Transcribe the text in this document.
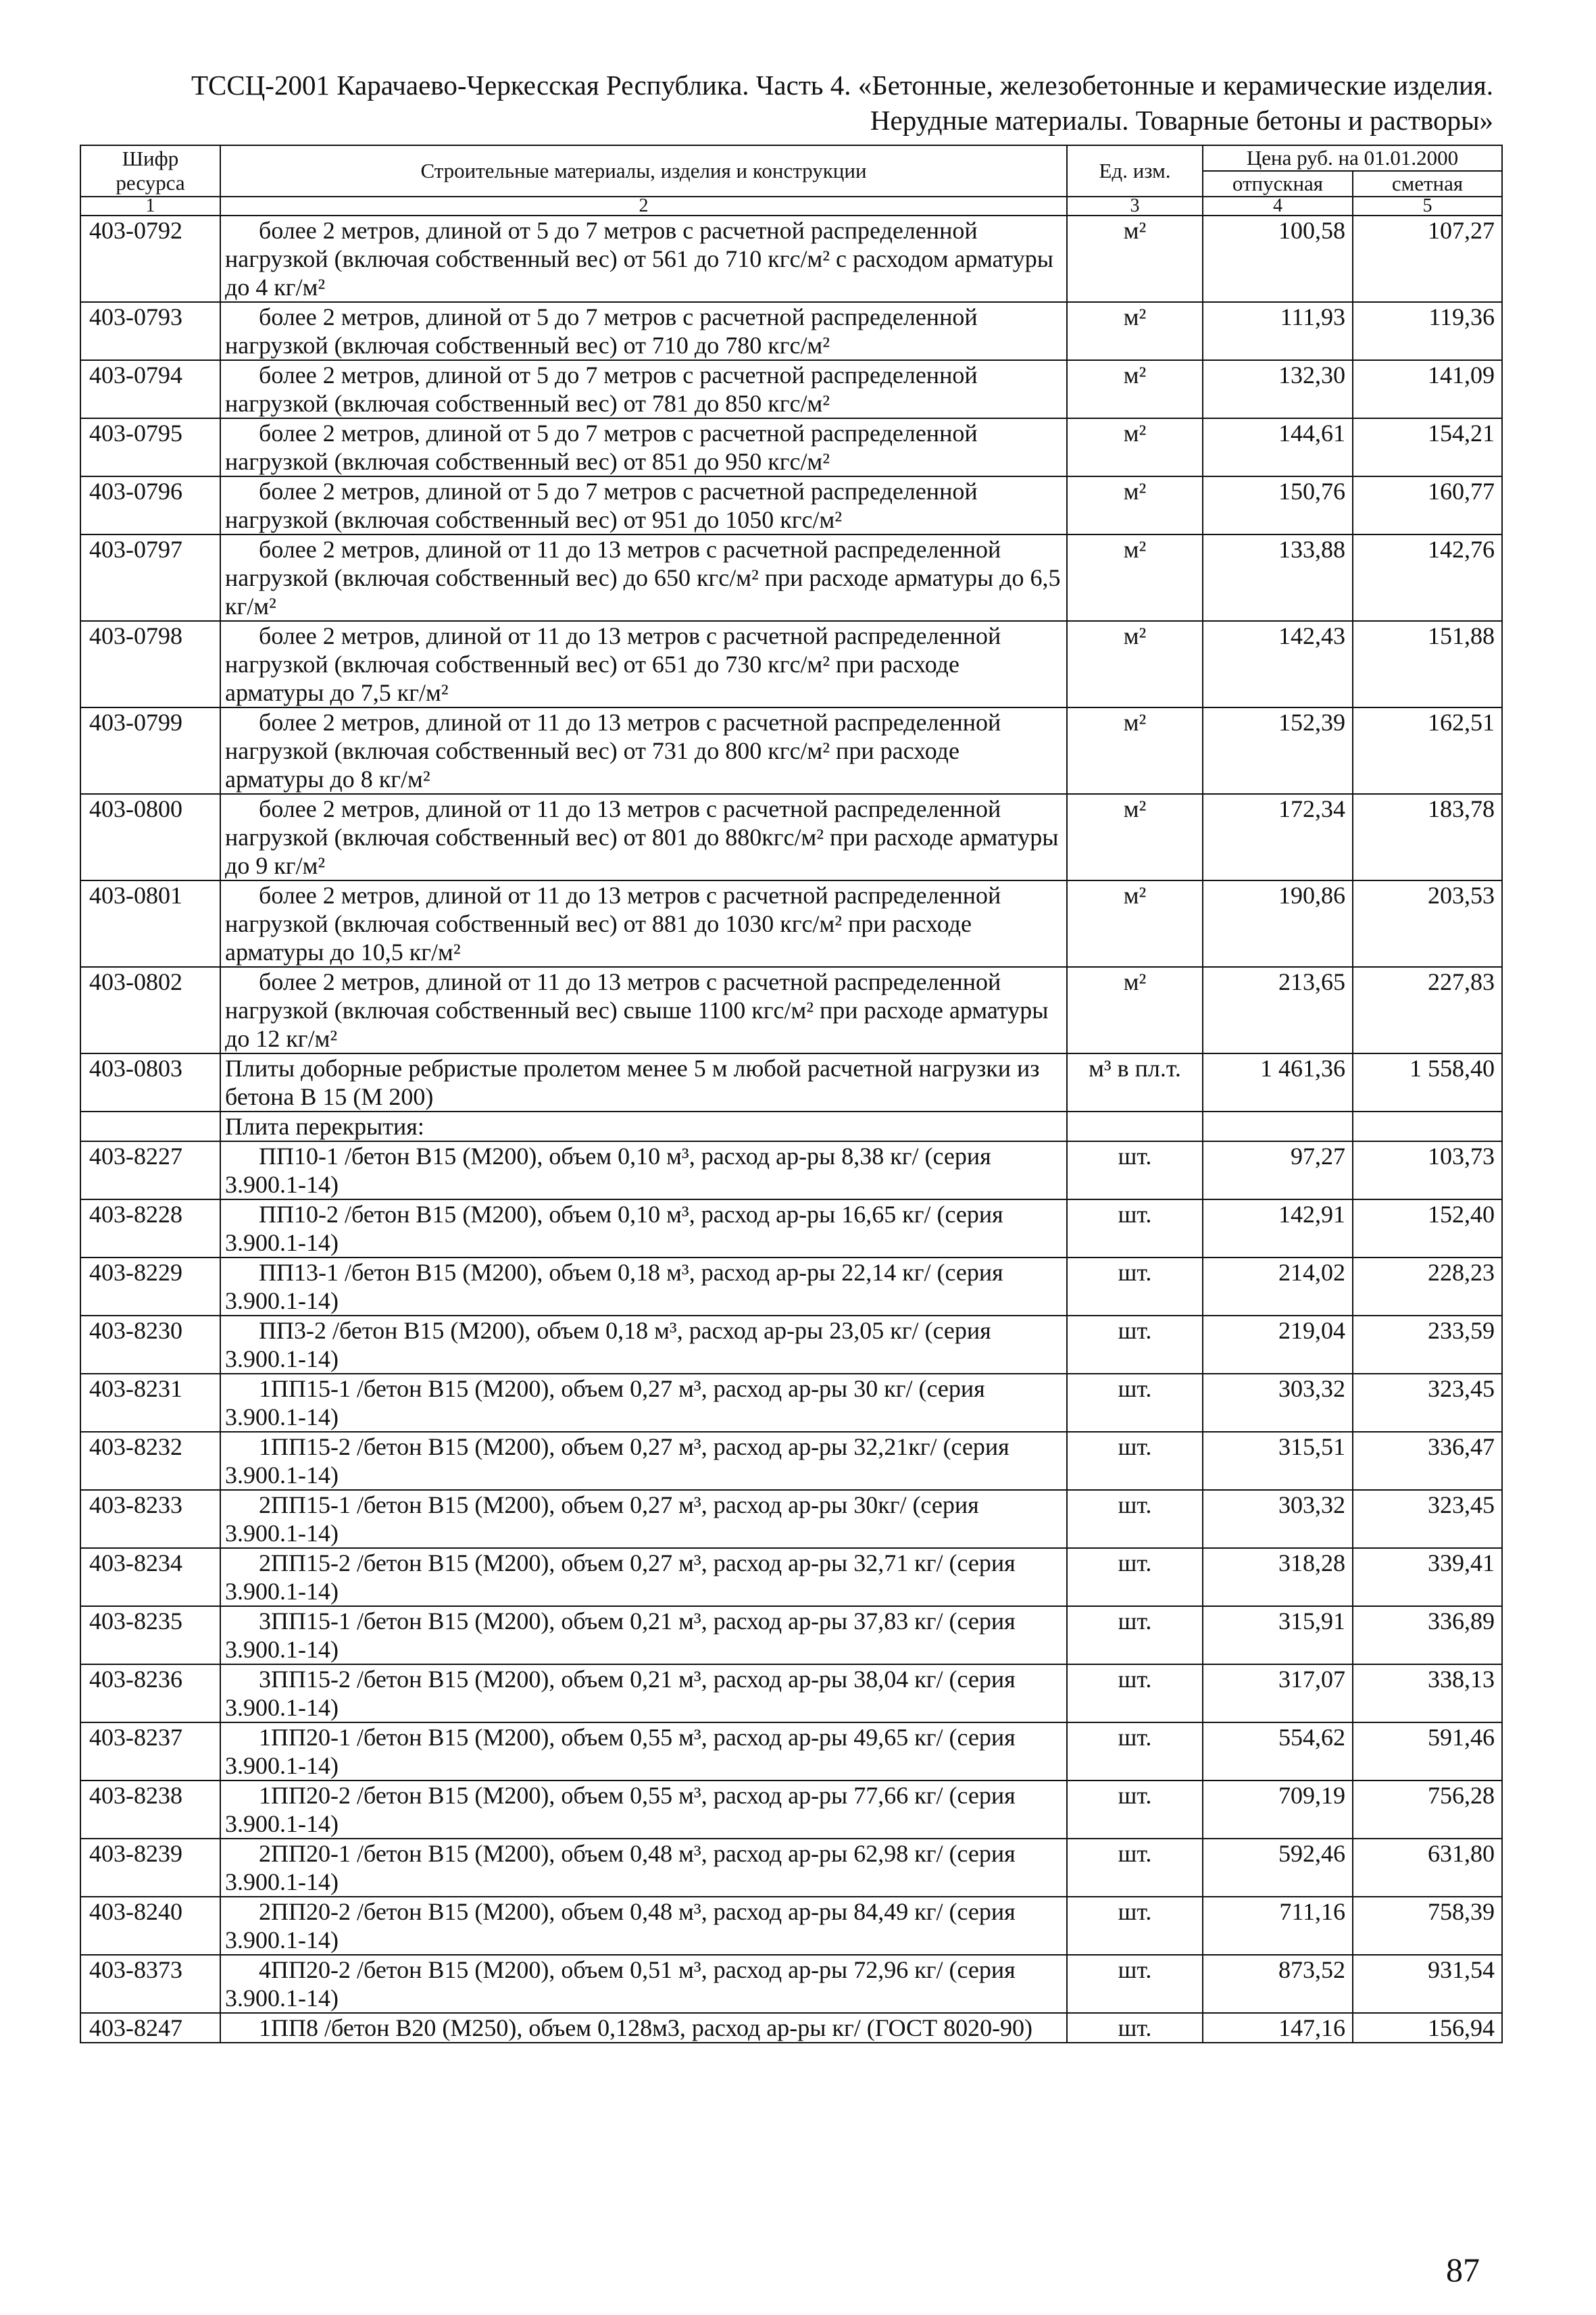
ТССЦ-2001 Карачаево-Черкесская Республика. Часть 4. «Бетонные, железобетонные и керамические изделия.
Нерудные материалы. Товарные бетоны и растворы»
Шифр ресурса	Строительные материалы, изделия и конструкции	Ед. изм.	Цена руб. на 01.01.2000	
			отпускная	сметная
1	2	3	4	5
403-0792	более 2 метров, длиной от 5 до 7 метров с расчетной распределенной нагрузкой (включая собственный вес) от 561 до 710 кгс/м² с расходом арматуры до 4 кг/м²	м²	100,58	107,27
403-0793	более 2 метров, длиной от 5 до 7 метров с расчетной распределенной нагрузкой (включая собственный вес) от 710 до 780 кгс/м²	м²	111,93	119,36
403-0794	более 2 метров, длиной от 5 до 7 метров с расчетной распределенной нагрузкой (включая собственный вес) от 781 до 850 кгс/м²	м²	132,30	141,09
403-0795	более 2 метров, длиной от 5 до 7 метров с расчетной распределенной нагрузкой (включая собственный вес) от 851 до 950 кгс/м²	м²	144,61	154,21
403-0796	более 2 метров, длиной от 5 до 7 метров с расчетной распределенной нагрузкой (включая собственный вес) от 951 до 1050 кгс/м²	м²	150,76	160,77
403-0797	более 2 метров, длиной от 11 до 13 метров с расчетной распределенной нагрузкой (включая собственный вес) до 650 кгс/м² при расходе арматуры до 6,5 кг/м²	м²	133,88	142,76
403-0798	более 2 метров, длиной от 11 до 13 метров с расчетной распределенной нагрузкой (включая собственный вес) от 651 до 730 кгс/м² при расходе арматуры до 7,5 кг/м²	м²	142,43	151,88
403-0799	более 2 метров, длиной от 11 до 13 метров с расчетной распределенной нагрузкой (включая собственный вес) от 731 до 800 кгс/м² при расходе арматуры до 8 кг/м²	м²	152,39	162,51
403-0800	более 2 метров, длиной от 11 до 13 метров с расчетной распределенной нагрузкой (включая собственный вес) от 801 до 880кгс/м² при расходе арматуры до 9 кг/м²	м²	172,34	183,78
403-0801	более 2 метров, длиной от 11 до 13 метров с расчетной распределенной нагрузкой (включая собственный вес) от 881 до 1030 кгс/м² при расходе арматуры до 10,5 кг/м²	м²	190,86	203,53
403-0802	более 2 метров, длиной от 11 до 13 метров с расчетной распределенной нагрузкой (включая собственный вес) свыше 1100 кгс/м² при расходе арматуры до 12 кг/м²	м²	213,65	227,83
403-0803	Плиты доборные ребристые пролетом менее 5 м любой расчетной нагрузки из бетона В 15 (М 200)	м³ в пл.т.	1 461,36	1 558,40
	Плита перекрытия:			
403-8227	ПП10-1 /бетон В15 (М200), объем 0,10 м³, расход ар-ры 8,38 кг/ (серия 3.900.1-14)	шт.	97,27	103,73
403-8228	ПП10-2 /бетон В15 (М200), объем 0,10 м³, расход ар-ры 16,65 кг/ (серия 3.900.1-14)	шт.	142,91	152,40
403-8229	ПП13-1 /бетон В15 (М200), объем 0,18 м³, расход ар-ры 22,14 кг/ (серия 3.900.1-14)	шт.	214,02	228,23
403-8230	ПП3-2 /бетон В15 (М200), объем 0,18 м³, расход ар-ры 23,05 кг/ (серия 3.900.1-14)	шт.	219,04	233,59
403-8231	1ПП15-1 /бетон В15 (М200), объем 0,27 м³, расход ар-ры 30 кг/ (серия 3.900.1-14)	шт.	303,32	323,45
403-8232	1ПП15-2 /бетон В15 (М200), объем 0,27 м³, расход ар-ры 32,21кг/ (серия 3.900.1-14)	шт.	315,51	336,47
403-8233	2ПП15-1 /бетон В15 (М200), объем 0,27 м³, расход ар-ры 30кг/ (серия 3.900.1-14)	шт.	303,32	323,45
403-8234	2ПП15-2 /бетон В15 (М200), объем 0,27 м³, расход ар-ры 32,71 кг/ (серия 3.900.1-14)	шт.	318,28	339,41
403-8235	3ПП15-1 /бетон В15 (М200), объем 0,21 м³, расход ар-ры 37,83 кг/ (серия 3.900.1-14)	шт.	315,91	336,89
403-8236	3ПП15-2 /бетон В15 (М200), объем 0,21 м³, расход ар-ры 38,04 кг/ (серия 3.900.1-14)	шт.	317,07	338,13
403-8237	1ПП20-1 /бетон В15 (М200), объем 0,55 м³, расход ар-ры 49,65 кг/ (серия 3.900.1-14)	шт.	554,62	591,46
403-8238	1ПП20-2 /бетон В15 (М200), объем 0,55 м³, расход ар-ры 77,66 кг/ (серия 3.900.1-14)	шт.	709,19	756,28
403-8239	2ПП20-1 /бетон В15 (М200), объем 0,48 м³, расход ар-ры 62,98 кг/ (серия 3.900.1-14)	шт.	592,46	631,80
403-8240	2ПП20-2 /бетон В15 (М200), объем 0,48 м³, расход ар-ры 84,49 кг/ (серия 3.900.1-14)	шт.	711,16	758,39
403-8373	4ПП20-2 /бетон В15 (М200), объем 0,51 м³, расход ар-ры 72,96 кг/ (серия 3.900.1-14)	шт.	873,52	931,54
403-8247	1ПП8 /бетон В20 (М250), объем 0,128м3, расход ар-ры кг/ (ГОСТ 8020-90)	шт.	147,16	156,94
87
